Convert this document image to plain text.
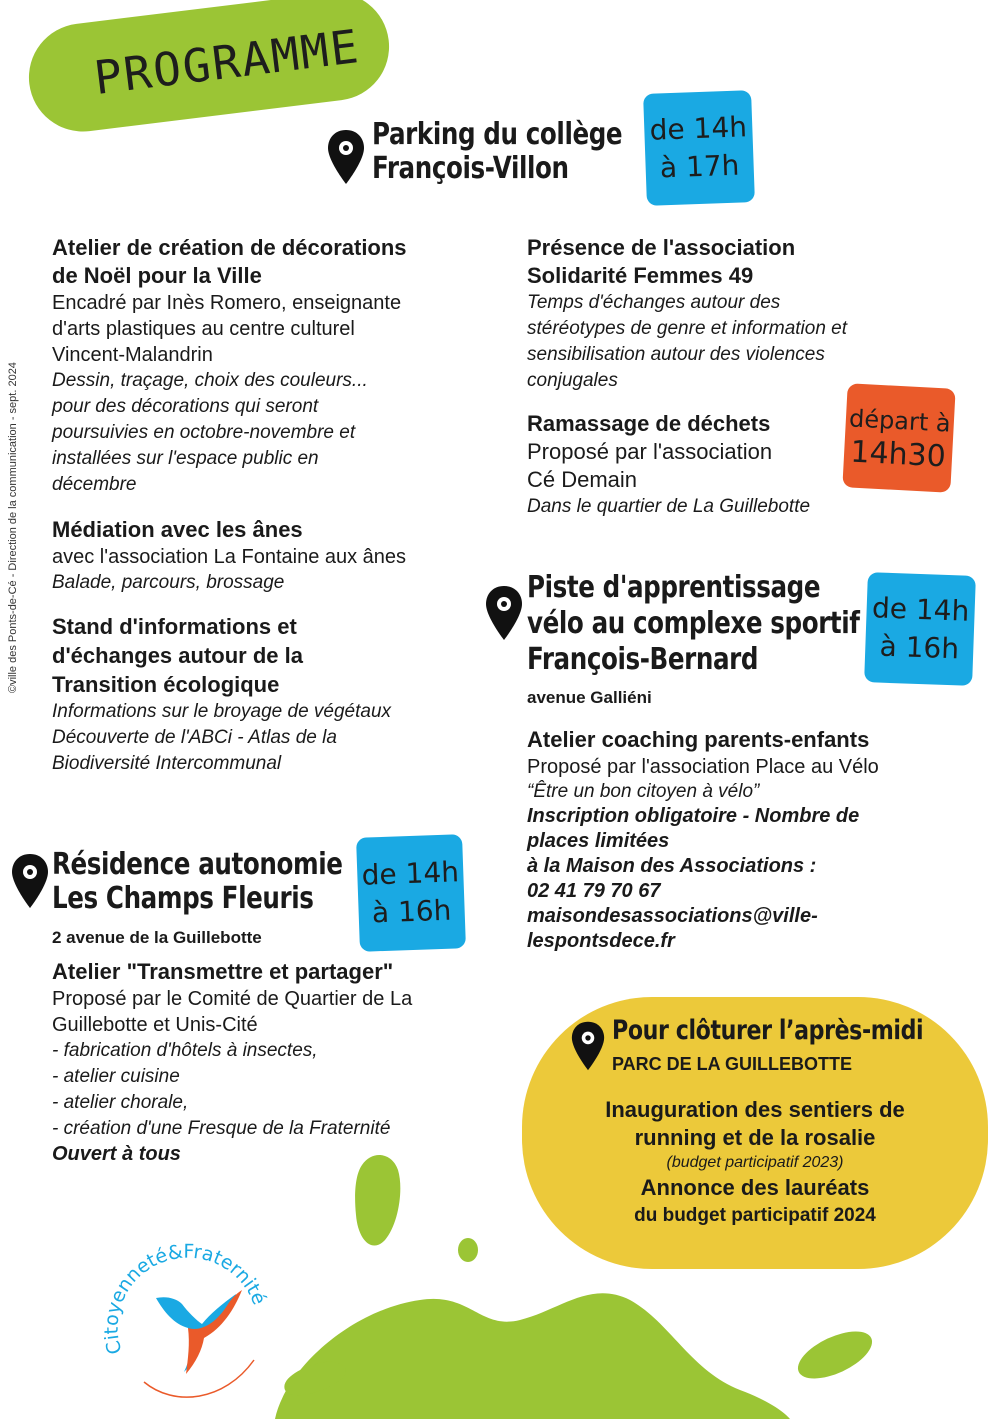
PROGRAMME
©ville des Ponts-de-Cé - Direction de la communication - sept. 2024
Parking du collège
François-Villon
de 14h
à 17h
Atelier de création de décorations
de Noël pour la Ville
Encadré par Inès Romero, enseignante
d'arts plastiques au centre culturel
Vincent-Malandrin
Dessin, traçage, choix des couleurs...
pour des décorations qui seront
poursuivies en octobre-novembre et
installées sur l'espace public en
décembre
Médiation avec les ânes
avec l'association La Fontaine aux ânes
Balade, parcours, brossage
Stand d'informations et
d'échanges autour de la
Transition écologique
Informations sur le broyage de végétaux
Découverte de l'ABCi - Atlas de la
Biodiversité Intercommunal
Présence de l'association
Solidarité Femmes 49
Temps d'échanges autour des
stéréotypes de genre et information et
sensibilisation autour des violences
conjugales
Ramassage de déchets
Proposé par l'association
Cé Demain
Dans le quartier de La Guillebotte
départ à
14h30
Piste d'apprentissage
vélo au complexe sportif
François-Bernard
avenue Galliéni
de 14h
à 16h
Atelier coaching parents-enfants
Proposé par l'association Place au Vélo
“Être un bon citoyen à vélo”
Inscription obligatoire - Nombre de
places limitées
à la Maison des Associations :
02 41 79 70 67
maisondesassociations@ville-
lespontsdece.fr
Résidence autonomie
Les Champs Fleuris
2 avenue de la Guillebotte
de 14h
à 16h
Atelier "Transmettre et partager"
Proposé par le Comité de Quartier de La
Guillebotte et Unis-Cité
- fabrication d'hôtels à insectes,
- atelier cuisine
- atelier chorale,
- création d'une Fresque de la Fraternité
Ouvert à tous
Pour clôturer l’après-midi
PARC DE LA GUILLEBOTTE
Inauguration des sentiers de
running et de la rosalie
(budget participatif 2023)
Annonce des lauréats
du budget participatif 2024
C yenneté&Fraternité
